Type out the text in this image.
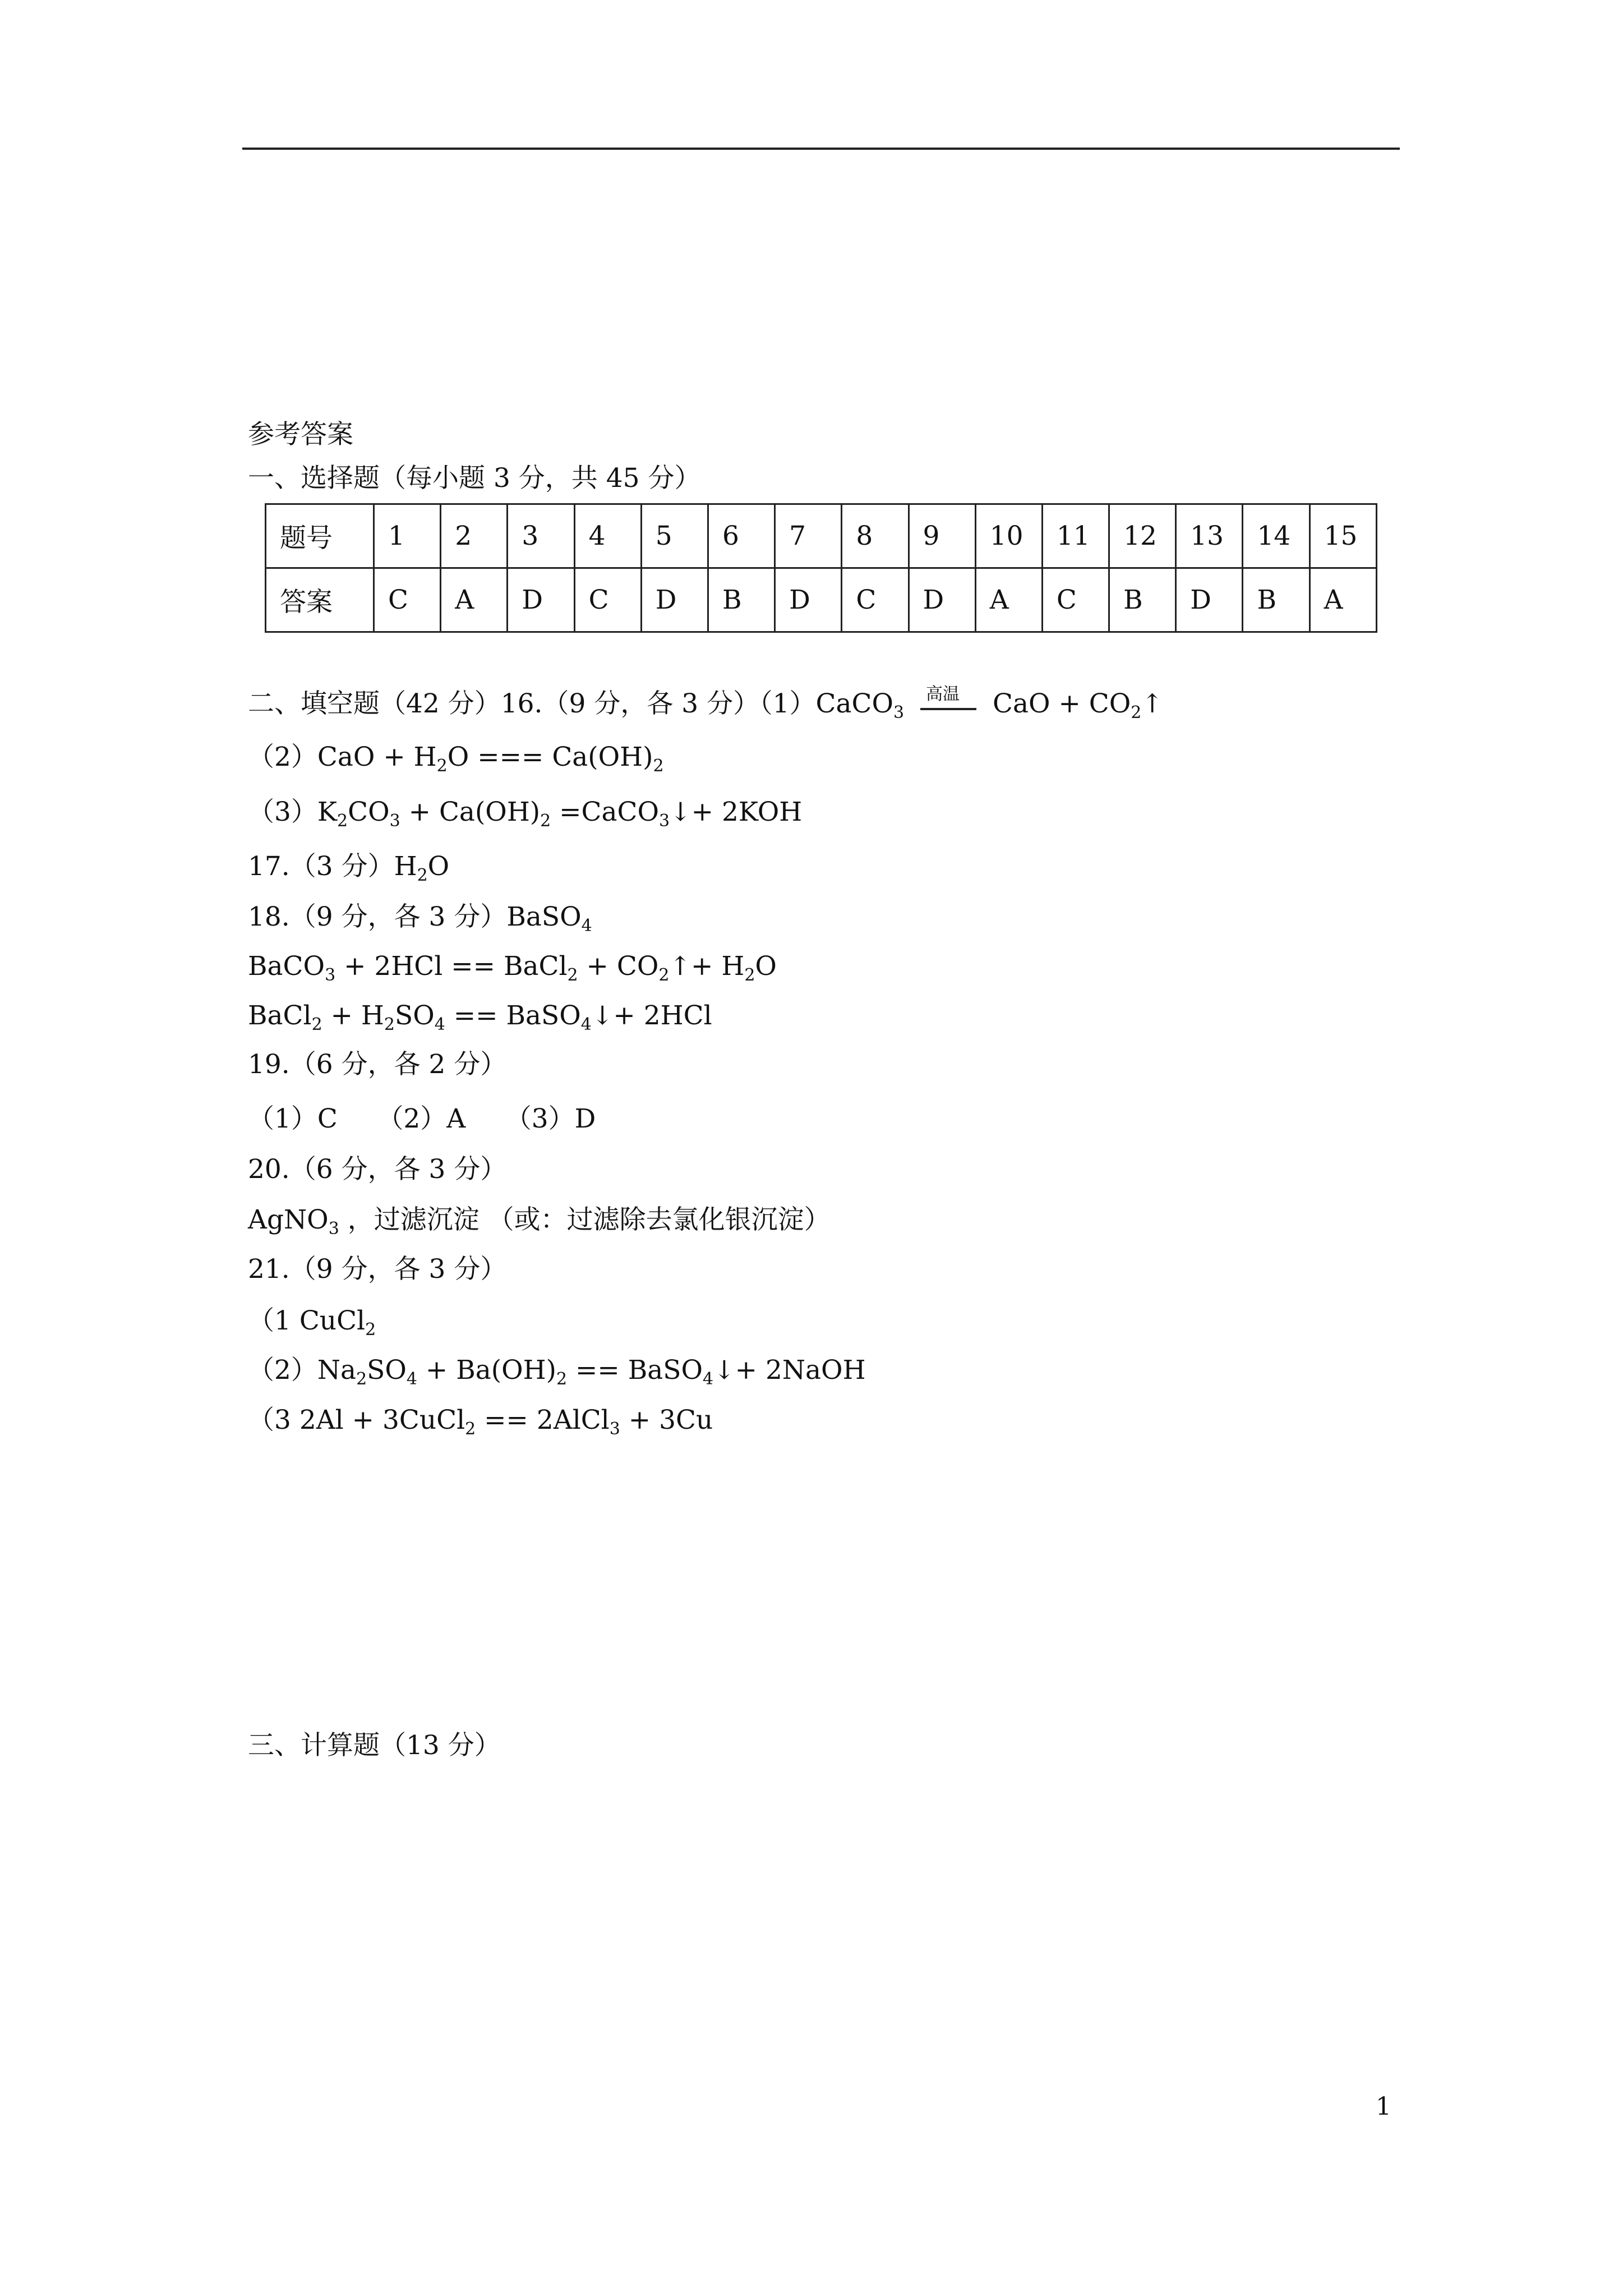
参考答案
一、选择题（每小题 3 分，共 45 分）
题号	1	2	3	4	5	6	7	8	9	10	11	12	13	14	15
答案	C	A	D	C	D	B	D	C	D	A	C	B	D	B	A
二、填空题（42 分）16.（9 分，各 3 分）（1）CaCO$_3$
高温 CaO + $CO_2↑$
$(2)CaO + H_2O$ === $Ca(OH)_2$
$(3)K_2CO_3 + Ca(OH)_2$ =CaCO$_3$↓+ 2KOH
17.（3 分）$H_2O$
18.（9 分，各 3 分）BaSO$_4$
BaCO$_3$ + 2HCl == BaCl$_2$ + $CO_2↑+ H_2O$
BaCl$_2$ + $H_2SO_4$ == BaSO$_4$↓+ 2HCl
19.（6 分，各 2 分）
（1）C　　（2）A　　（3）D
20.（6 分，各 3 分）
AgNO$_3$ ，过滤沉淀 （或：过滤除去氯化银沉淀）
21.（9 分，各 3 分）
（1 CuCl$_2$
$(2)Na_2SO_4 + Ba(OH)_2$ == BaSO$_4$↓+ 2NaOH
（3 2Al + 3CuCl$_2$ == 2AlCl$_3$ + 3Cu
三、计算题（13 分）
1
